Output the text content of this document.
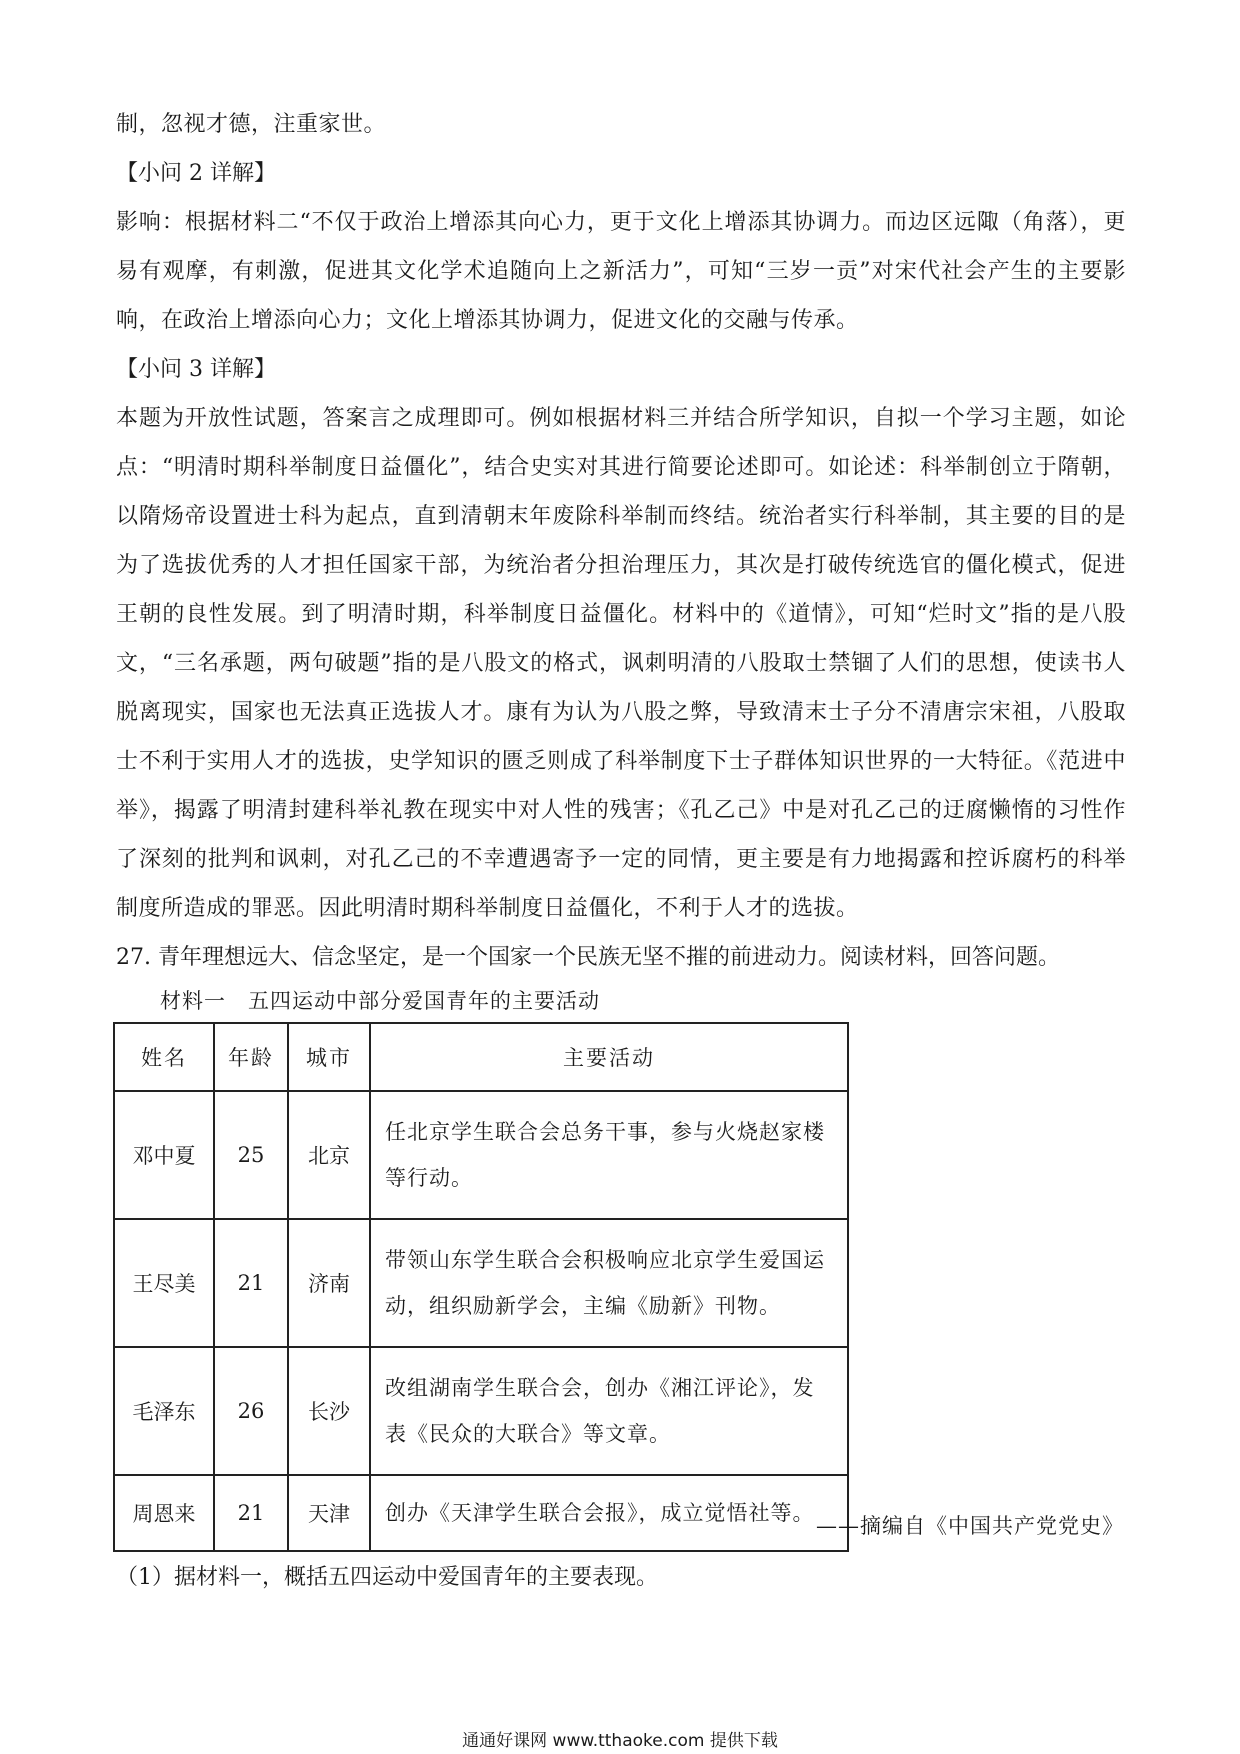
制，忽视才德，注重家世。

【小问 2 详解】

影响：根据材料二“不仅于政治上增添其向心力，更于文化上增添其协调力。而边区远陬（角落），更易有观摩，有刺激，促进其文化学术追随向上之新活力”，可知“三岁一贡”对宋代社会产生的主要影响，在政治上增添向心力；文化上增添其协调力，促进文化的交融与传承。

【小问 3 详解】

本题为开放性试题，答案言之成理即可。例如根据材料三并结合所学知识，自拟一个学习主题，如论点：“明清时期科举制度日益僵化”，结合史实对其进行简要论述即可。如论述：科举制创立于隋朝，以隋炀帝设置进士科为起点，直到清朝末年废除科举制而终结。统治者实行科举制，其主要的目的是为了选拔优秀的人才担任国家干部，为统治者分担治理压力，其次是打破传统选官的僵化模式，促进王朝的良性发展。到了明清时期，科举制度日益僵化。材料中的《道情》，可知“烂时文”指的是八股文，“三名承题，两句破题”指的是八股文的格式，讽刺明清的八股取士禁锢了人们的思想，使读书人脱离现实，国家也无法真正选拔人才。康有为认为八股之弊，导致清末士子分不清唐宗宋祖，八股取士不利于实用人才的选拔，史学知识的匮乏则成了科举制度下士子群体知识世界的一大特征。《范进中举》，揭露了明清封建科举礼教在现实中对人性的残害；《孔乙己》中是对孔乙己的迂腐懒惰的习性作了深刻的批判和讽刺，对孔乙己的不幸遭遇寄予一定的同情，更主要是有力地揭露和控诉腐朽的科举制度所造成的罪恶。因此明清时期科举制度日益僵化，不利于人才的选拔。

27. 青年理想远大、信念坚定，是一个国家一个民族无坚不摧的前进动力。阅读材料，回答问题。

材料一　五四运动中部分爱国青年的主要活动
姓名	年龄	城市	主要活动
邓中夏	25	北京	任北京学生联合会总务干事，参与火烧赵家楼等行动。
王尽美	21	济南	带领山东学生联合会积极响应北京学生爱国运动，组织励新学会，主编《励新》刊物。
毛泽东	26	长沙	改组湖南学生联合会，创办《湘江评论》，发表《民众的大联合》等文章。
周恩来	21	天津	创办《天津学生联合会报》，成立觉悟社等。
——摘编自《中国共产党党史》
（1）据材料一，概括五四运动中爱国青年的主要表现。
通通好课网 www.tthaoke.com 提供下载
